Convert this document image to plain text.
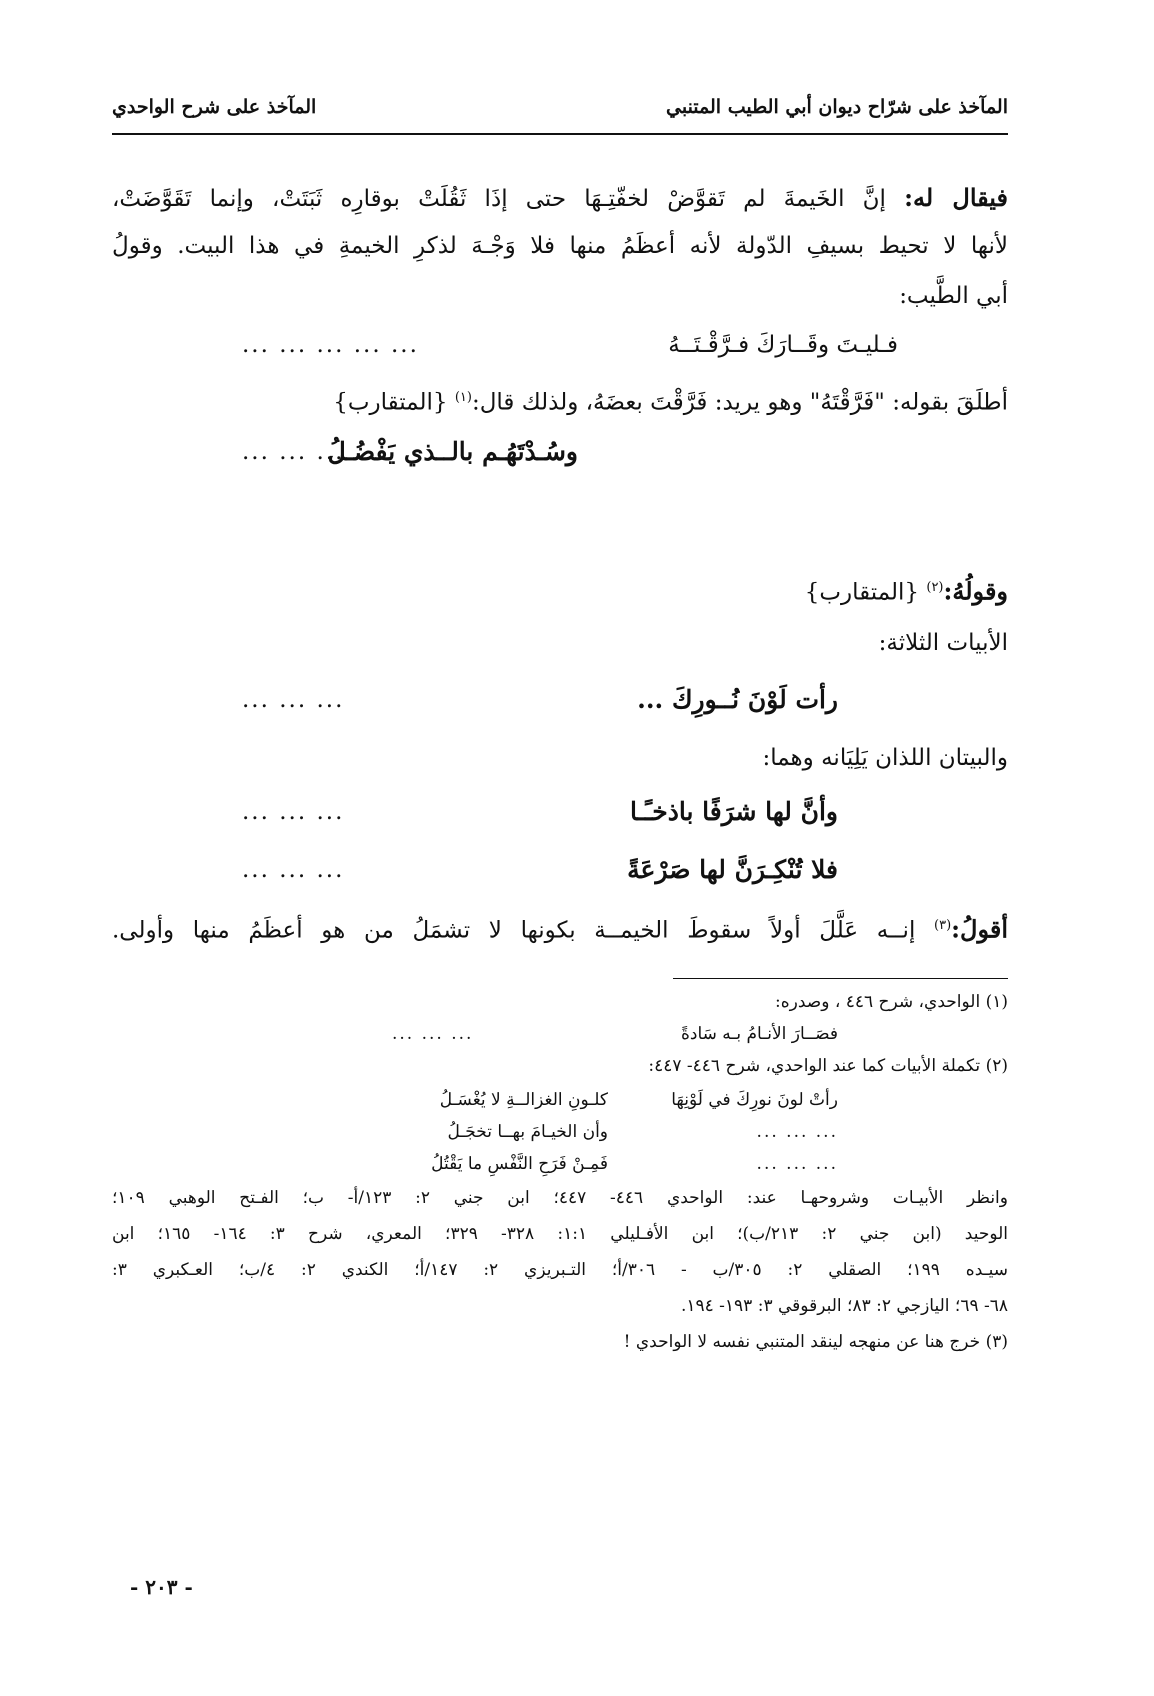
المآخذ على شرّاح ديوان أبي الطيب المتنبي
المآخذ على شرح الواحدي
فيقال له: إنَّ الخَيمةَ لم تَقوَّضْ لخفّتِـهَا حتى إذَا ثَقُلَتْ بوقارِه ثَبَتَتْ، وإنما تَقَوَّضَتْ،
لأنها لا تحيط بسيفِ الدّولة لأنه أعظَمُ منها فلا وَجْـهَ لذكرِ الخيمةِ في هذا البيت. وقولُ
أبي الطَّيب:
فـليـتَ وقَــارَكَ فـرَّقْـتَــهُ
... ... ... ... ...
أطلَقَ بقوله: "فَرَّقْتَهُ" وهو يريد: فَرَّقْتَ بعضَهُ، ولذلك قال:$^{(١)}$ {المتقارب}
وسُـدْتَهُـم بالــذي يَفْضُـلُ
... ... ...
وقولُهُ:$^{(٢)}$ {المتقارب}
الأبيات الثلاثة:
رأت لَوْنَ نُــورِكَ ...
... ... ...
والبيتان اللذان يَلِيَانه وهما:
وأنَّ لها شرَفًا باذخـًـا
... ... ...
فلا تُنْكِـرَنَّ لها صَرْعَةً
... ... ...
أقولُ:$^{(٣)}$ إنــه عَلَّلَ أولاً سقوطَ الخيمــة بكونها لا تشمَلُ من هو أعظَمُ منها وأولى.
(١) الواحدي، شرح ٤٤٦ ، وصدره:
فصَــارَ الأنـامُ بـه سَادةً
... ... ...
(٢) تكملة الأبيات كما عند الواحدي، شرح ٤٤٦- ٤٤٧:
رأتْ لونَ نورِكَ في لَوْنِهَا
كلـونِ الغزالــةِ لا يُغْسَـلُ
... ... ...
وأن الخيـامَ بهــا تخجَـلُ
... ... ...
فَمِـنْ فَرَحِ النَّفْسِ ما يَقْتُلُ
وانظر الأبيـات وشروحهـا عند: الواحدي ٤٤٦- ٤٤٧؛ ابن جني ٢: ١٢٣/أ- ب؛ الفـتح الوهبي ١٠٩؛
الوحيد (ابن جني ٢: ٢١٣/ب)؛ ابن الأفـليلي ١:١: ٣٢٨- ٣٢٩؛ المعري، شرح ٣: ١٦٤- ١٦٥؛ ابن
سيـده ١٩٩؛ الصقلي ٢: ٣٠٥/ب - ٣٠٦/أ؛ التـبريزي ٢: ١٤٧/أ؛ الكندي ٢: ٤/ب؛ العـكبري ٣:
٦٨- ٦٩؛ اليازجي ٢: ٨٣؛ البرقوقي ٣: ١٩٣- ١٩٤.
(٣) خرج هنا عن منهجه لينقد المتنبي نفسه لا الواحدي !
- ٢٠٣ -
